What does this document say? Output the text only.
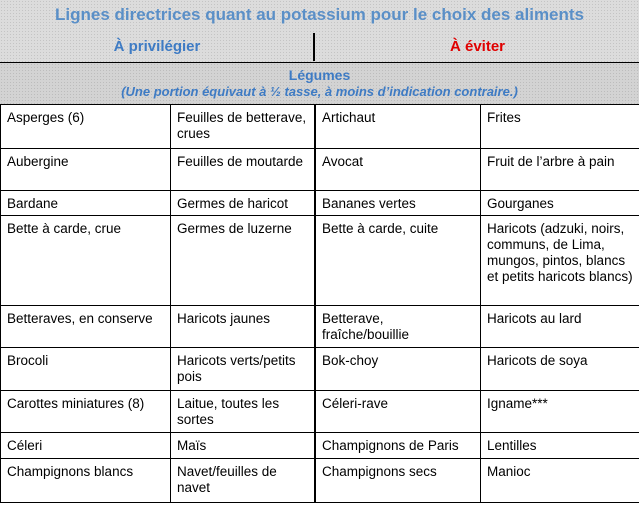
Lignes directrices quant au potassium pour le choix des aliments
À privilégier	À éviter
Légumes
(Une portion équivaut à ½ tasse, à moins d’indication contraire.)
Asperges (6)	Feuilles de betterave, crues	Artichaut	Frites
Aubergine	Feuilles de moutarde	Avocat	Fruit de l’arbre à pain
Bardane	Germes de haricot	Bananes vertes	Gourganes
Bette à carde, crue	Germes de luzerne	Bette à carde, cuite	Haricots (adzuki, noirs, communs, de Lima, mungos, pintos, blancs et petits haricots blancs)
Betteraves, en conserve	Haricots jaunes	Betterave, fraîche/bouillie	Haricots au lard
Brocoli	Haricots verts/petits pois	Bok-choy	Haricots de soya
Carottes miniatures (8)	Laitue, toutes les sortes	Céleri-rave	Igname***
Céleri	Maïs	Champignons de Paris	Lentilles
Champignons blancs	Navet/feuilles de navet	Champignons secs	Manioc
